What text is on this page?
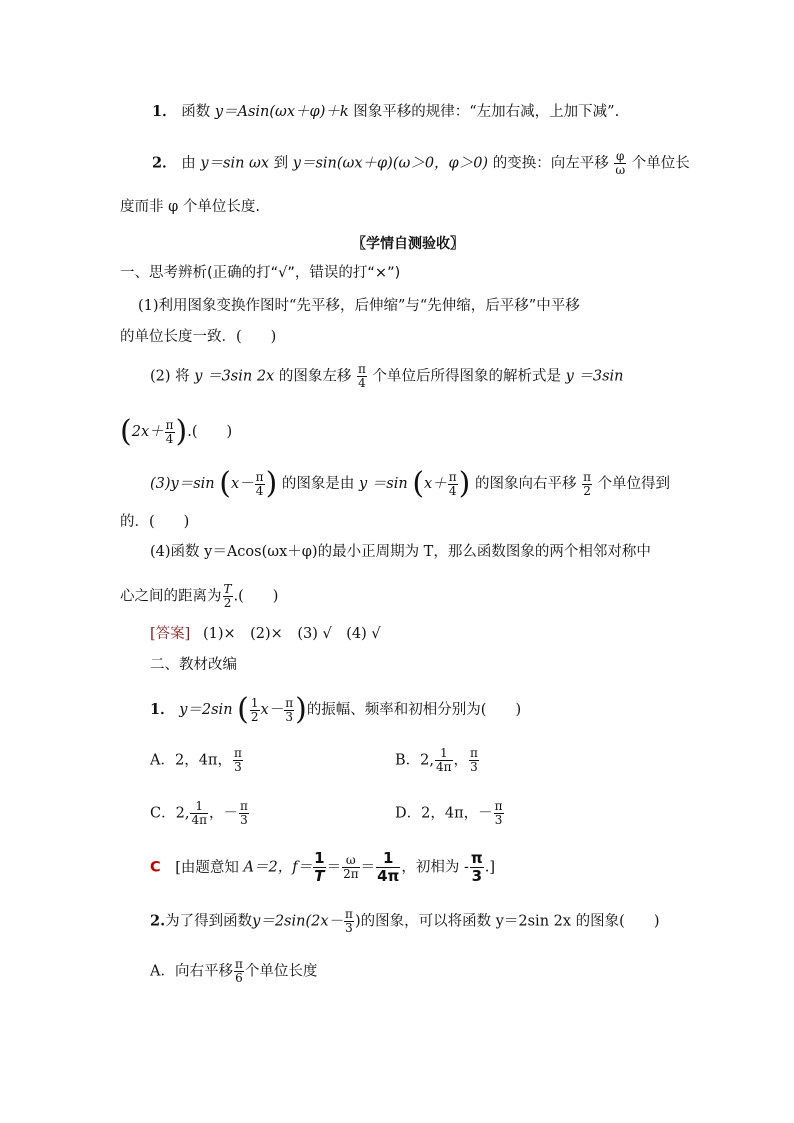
1． 函数 y＝Asin(ωx＋φ)＋k 图象平移的规律：“左加右减，上加下减”.
2． 由 y＝sin ωx 到 y＝sin(ωx＋φ)(ω＞0，φ＞0) 的变换：向左平移 $\frac{\varphi}{\omega}$ 个单位长
度而非 φ 个单位长度.
〖学情自测验收〗
一、思考辨析(正确的打“√”，错误的打“×”)
(1)利用图象变换作图时“先平移，后伸缩”与“先伸缩，后平移”中平移
的单位长度一致．(　　)
(2) 将 y ＝3sin 2x 的图象左移 $\frac{\pi}{4}$ 个单位后所得图象的解析式是 y ＝3sin
($2x+ \frac{\pi}{4}$ ).(　　)
(3)y＝sin ($x- \frac{\pi}{4}$ ) 的图象是由 y ＝sin ($x+ \frac{\pi}{4}$ ) 的图象向右平移 $\frac{\pi}{2}$ 个单位得到
的．(　　)
(4)函数 y＝Acos(ωx＋φ)的最小正周期为 T，那么函数图象的两个相邻对称中
心之间的距离为 $\frac{T}{2}$ .(　　)
[答案] (1)×　(2)×　(3) √　(4) √
二、教材改编
1． y＝2sin ( $\frac{1}{2} x- \frac{\pi}{3}$ )的振幅、频率和初相分别为(　　)
A．2，4π， $\frac{\pi}{3}$	B．2, $\frac{1}{4\pi}$ ， $\frac{\pi}{3}$
C．2, $\frac{1}{4\pi}$ ，－ $\frac{\pi}{3}$	D．2，4π，－ $\frac{\pi}{3}$
C [由题意知 A＝2，$f= \frac{1}{T} = \frac{\omega}{2\pi} = \frac{1}{4\pi}$ ，初相为 - $\frac{\pi}{3}$ .]
2.为了得到函数$y=2\sin(2x- \frac{\pi}{3}$ )的图象，可以将函数 y＝2sin 2x 的图象(　　)
A．向右平移 $\frac{\pi}{6}$ 个单位长度
